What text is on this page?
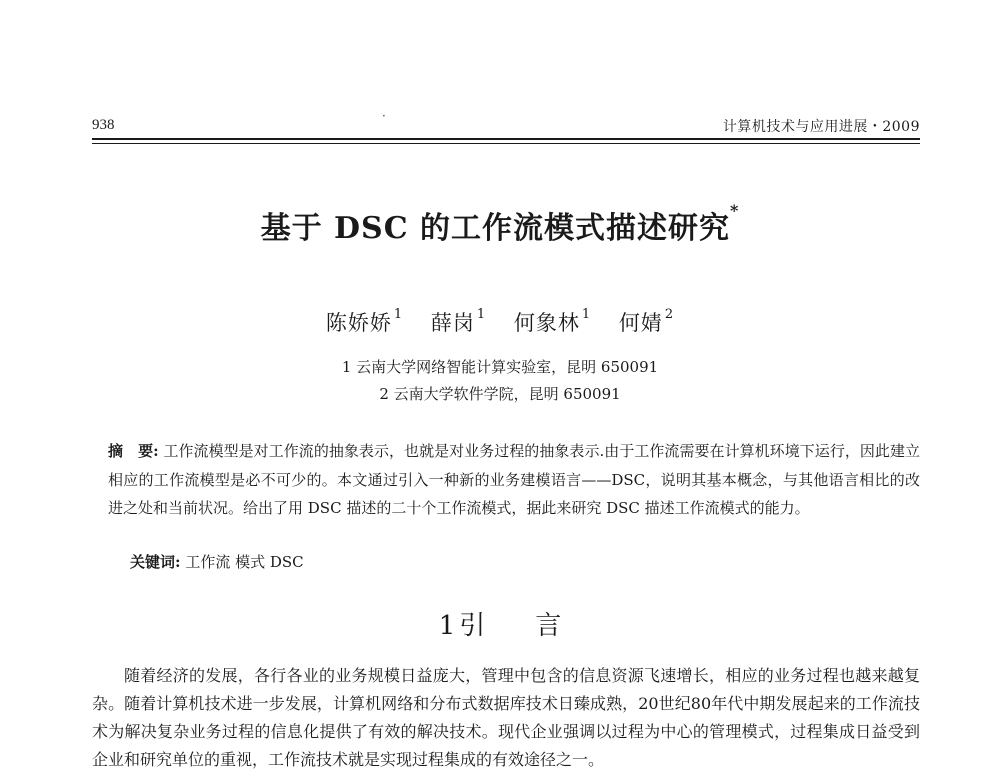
938
·
计算机技术与应用进展・2009
基于 DSC 的工作流模式描述研究*
陈娇娇 $^1$ 薛岗 $^1$ 何象林 $^1$ 何婧 $^2$
1 云南大学网络智能计算实验室，昆明 650091
2 云南大学软件学院，昆明 650091
摘　要: 工作流模型是对工作流的抽象表示，也就是对业务过程的抽象表示.由于工作流需要在计算机环境下运行，因此建立相应的工作流模型是必不可少的。本文通过引入一种新的业务建模语言——DSC，说明其基本概念，与其他语言相比的改进之处和当前状况。给出了用 DSC 描述的二十个工作流模式，据此来研究 DSC 描述工作流模式的能力。
关键词: 工作流 模式 DSC
1 引 言
随着经济的发展，各行各业的业务规模日益庞大，管理中包含的信息资源飞速增长，相应的业务过程也越来越复杂。随着计算机技术进一步发展，计算机网络和分布式数据库技术日臻成熟，20世纪80年代中期发展起来的工作流技术为解决复杂业务过程的信息化提供了有效的解决技术。现代企业强调以过程为中心的管理模式，过程集成日益受到企业和研究单位的重视，工作流技术就是实现过程集成的有效途径之一。
